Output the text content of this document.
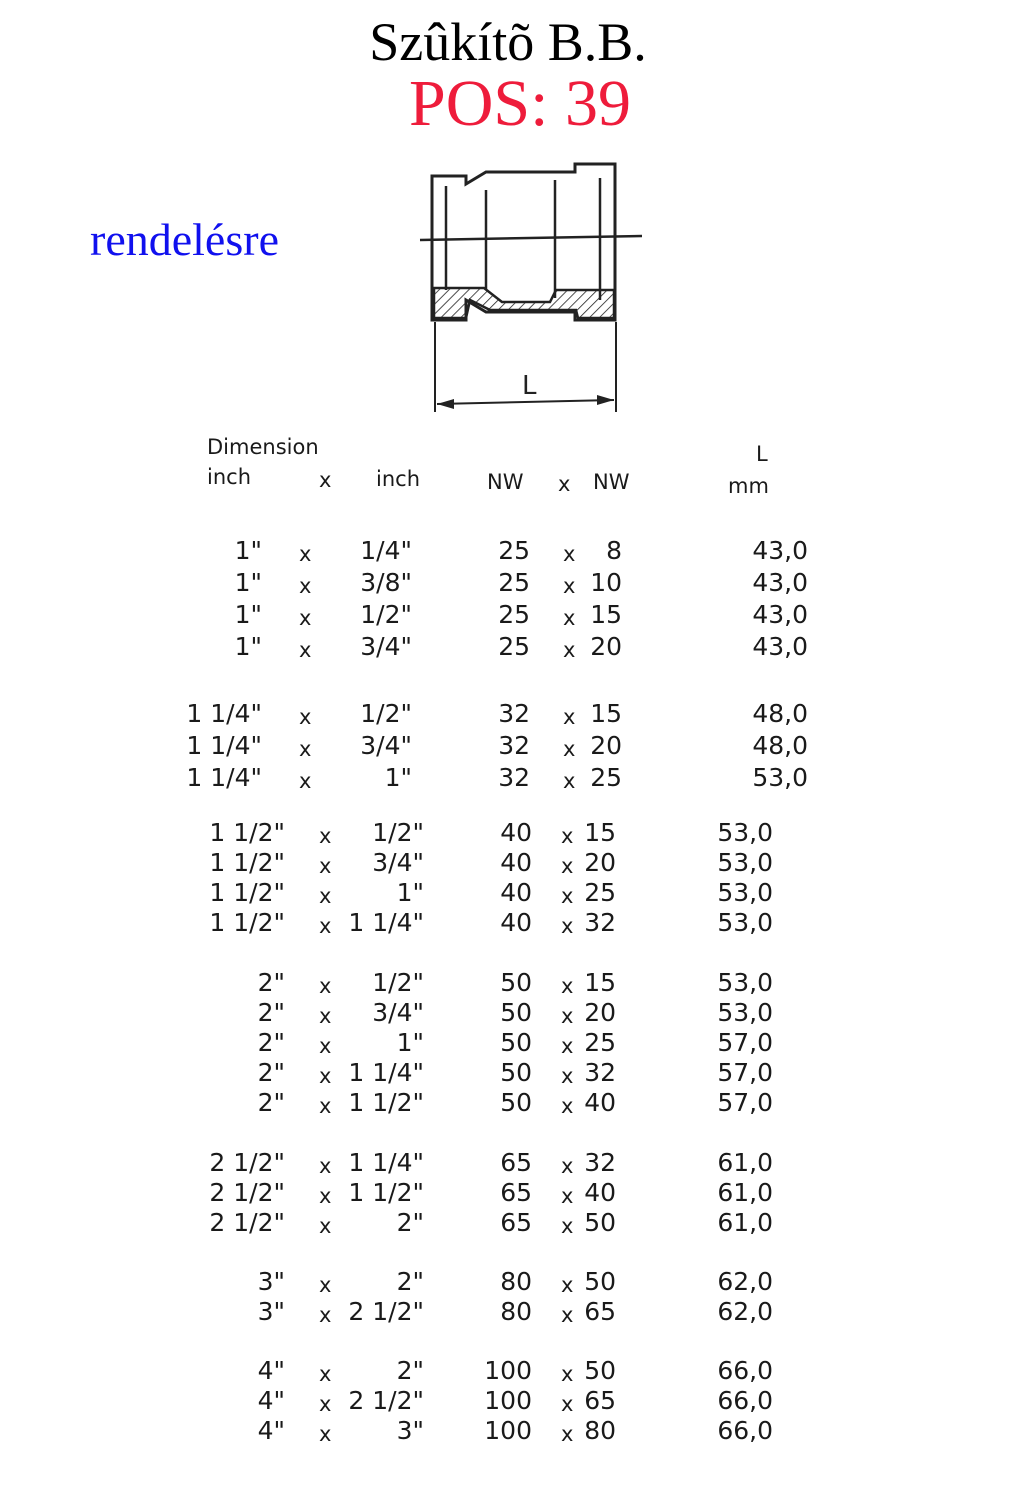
Szûkítõ B.B.
POS: 39
rendelésre
L
Dimension
inch	x inch	NW x NW
L
mm
1" x 1/4"	25 x 8	43,0
1" x 3/8"	25 x 10	43,0
1" x 1/2"	25 x 15	43,0
1" x 3/4"	25 x 20	43,0
1 1/4" x 1/2"	32 x 15	48,0
1 1/4" x 3/4"	32 x 20	48,0
1 1/4" x	1"	32 x 25	53,0
1 1/2" x 1/2"	40 x 15	53,0
1 1/2" x 3/4"	40 x 20	53,0
1 1/2" x	1"	40 x 25	53,0
1 1/2" x 1 1/4"	40 x 32	53,0
2" x 1/2"	50 x 15	53,0
2" x 3/4"	50 x 20	53,0
2" x	1"	50 x 25	57,0
2" x 1 1/4"	50 x 32	57,0
2" x 1 1/2"	50 x 40	57,0
2 1/2" x 1 1/4"	65 x 32	61,0
2 1/2" x 1 1/2"	65 x 40	61,0
2 1/2" x	2"	65 x 50	61,0
3" x	2"	80 x 50	62,0
3" x 2 1/2"	80 x 65	62,0
4" x	2" 100 x 50	66,0
4" x 2 1/2" 100 x 65	66,0
4" x	3" 100 x 80	66,0
